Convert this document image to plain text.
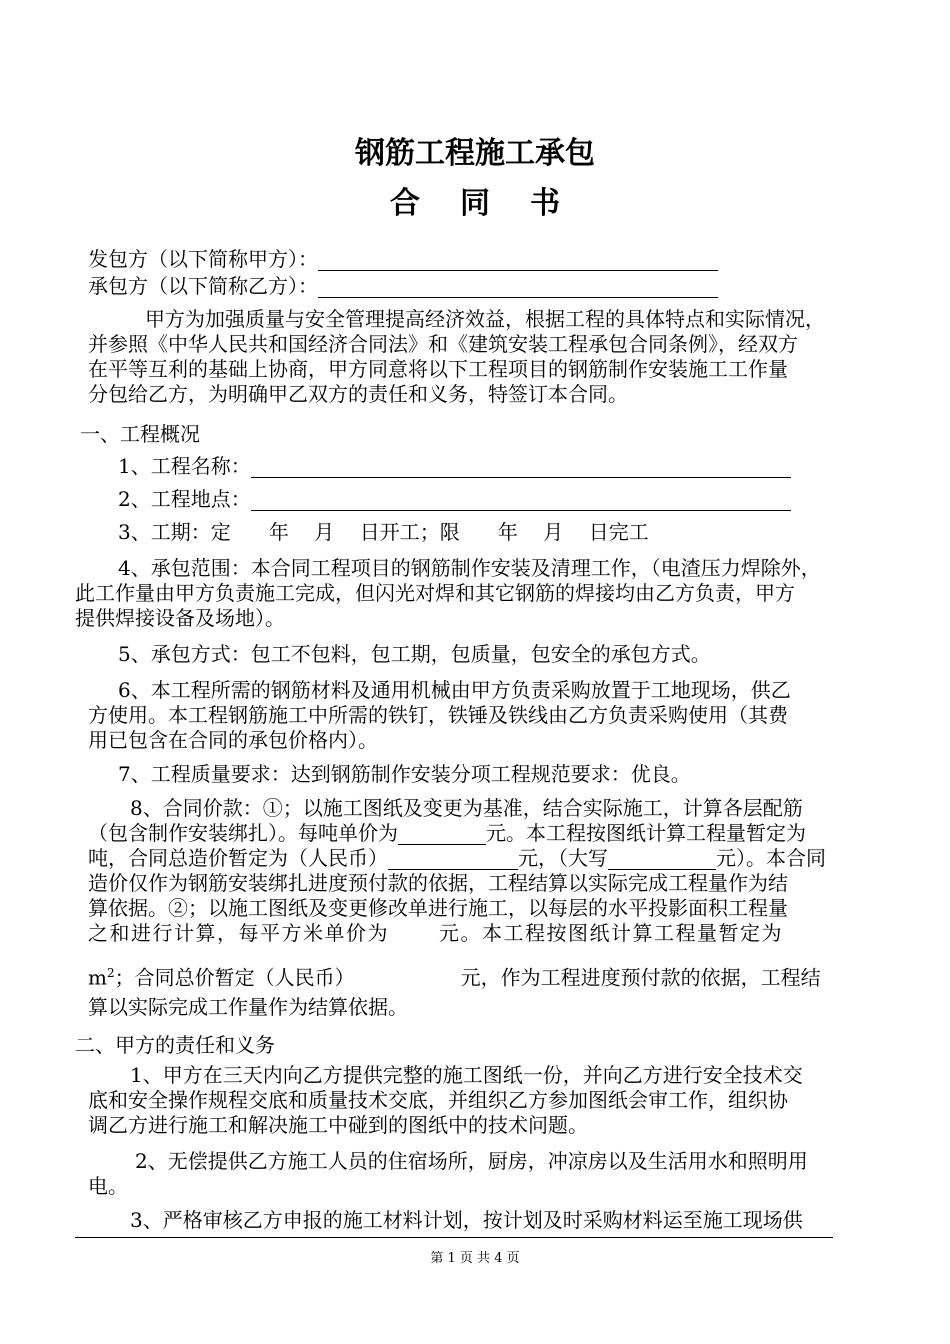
钢筋工程施工承包
合同书
发包方（以下简称甲方）：
承包方（以下简称乙方）：
甲方为加强质量与安全管理提高经济效益，根据工程的具体特点和实际情况，
并参照《中华人民共和国经济合同法》和《建筑安装工程承包合同条例》，经双方
在平等互利的基础上协商，甲方同意将以下工程项目的钢筋制作安装施工工作量
分包给乙方，为明确甲乙双方的责任和义务，特签订本合同。
一、工程概况
1、工程名称：
2、工程地点：
3、工期：定      年    月    日开工；限      年    月    日完工
4、承包范围：本合同工程项目的钢筋制作安装及清理工作，（电渣压力焊除外，
此工作量由甲方负责施工完成，但闪光对焊和其它钢筋的焊接均由乙方负责，甲方
提供焊接设备及场地）。
5、承包方式：包工不包料，包工期，包质量，包安全的承包方式。
6、本工程所需的钢筋材料及通用机械由甲方负责采购放置于工地现场，供乙
方使用。本工程钢筋施工中所需的铁钉，铁锤及铁线由乙方负责采购使用（其费
用已包含在合同的承包价格内）。
7、工程质量要求：达到钢筋制作安装分项工程规范要求：优良。
8、合同价款：①；以施工图纸及变更为基准，结合实际施工，计算各层配筋
（包含制作安装绑扎）。每吨单价为	元。本工程按图纸计算工程量暂定为
吨，合同总造价暂定为（人民币）	元，（大写	元）。本合同
造价仅作为钢筋安装绑扎进度预付款的依据，工程结算以实际完成工程量作为结
算依据。②；以施工图纸及变更修改单进行施工，以每层的水平投影面积工程量
之和进行计算，每平方米单价为	元。本工程按图纸计算工程量暂定为
$m^2$；合同总价暂定（人民币）	元，作为工程进度预付款的依据，工程结
算以实际完成工作量作为结算依据。
二、甲方的责任和义务
1、甲方在三天内向乙方提供完整的施工图纸一份，并向乙方进行安全技术交
底和安全操作规程交底和质量技术交底，并组织乙方参加图纸会审工作，组织协
调乙方进行施工和解决施工中碰到的图纸中的技术问题。
2、无偿提供乙方施工人员的住宿场所，厨房，冲凉房以及生活用水和照明用
电。
3、严格审核乙方申报的施工材料计划，按计划及时采购材料运至施工现场供
第 1 页 共 4 页
